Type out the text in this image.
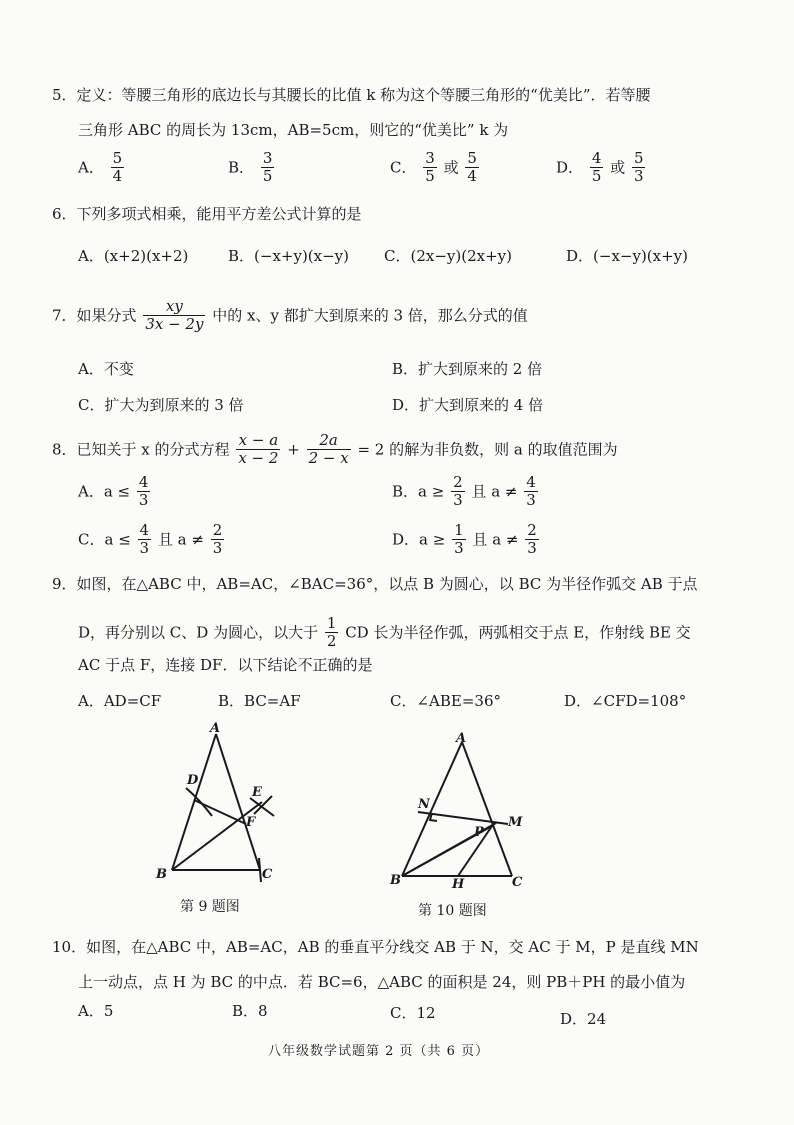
5．定义：等腰三角形的底边长与其腰长的比值 k 称为这个等腰三角形的“优美比”．若等腰
三角形 ABC 的周长为 13cm，AB=5cm，则它的“优美比” k 为
A． $\frac{5}{4}$	B． $\frac{3}{5}$	C． $\frac{3}{5}$ 或 $\frac{5}{4}$	D． $\frac{4}{5}$ 或 $\frac{5}{3}$
6．下列多项式相乘，能用平方差公式计算的是
A．(x+2)(x+2)	B．(−x+y)(x−y) C．(2x−y)(2x+y)	D．(−x−y)(x+y)
7．如果分式 $\frac{xy}{3x - 2y}$ 中的 x、y 都扩大到原来的 3 倍，那么分式的值
A．不变	B．扩大到原来的 2 倍
C．扩大为到原来的 3 倍	D．扩大到原来的 4 倍
8．已知关于 x 的分式方程 $\frac{x - a}{x - 2} + \frac{2a}{2 - x} = 2$ 的解为非负数，则 a 的取值范围为
A．$a \le \frac{4}{3}$	B．$a \ge \frac{2}{3}$ 且 $a \ne \frac{4}{3}$
C．$a \le \frac{4}{3}$ 且 $a \ne \frac{2}{3}$	D．$a \ge \frac{1}{3}$ 且 $a \ne \frac{2}{3}$
9．如图，在△ABC 中，AB=AC，∠BAC=36°，以点 B 为圆心，以 BC 为半径作弧交 AB 于点
D，再分别以 C、D 为圆心，以大于 $\frac{1}{2}$ CD 长为半径作弧，两弧相交于点 E，作射线 BE 交
AC 于点 F，连接 DF．以下结论不正确的是
A．AD=CF	B．BC=AF	C．∠ABE=36°	D．∠CFD=108°
A
B	C
D
E
F
第 9 题图
A
B	C
N
M
P
H
第 10 题图
10．如图，在△ABC 中，AB=AC，AB 的垂直平分线交 AB 于 N，交 AC 于 M，P 是直线 MN
上一动点，点 H 为 BC 的中点．若 BC=6，△ABC 的面积是 24，则 PB＋PH 的最小值为
A．5	B．8	C．12	D．24
八年级数学试题第 2 页（共 6 页）
